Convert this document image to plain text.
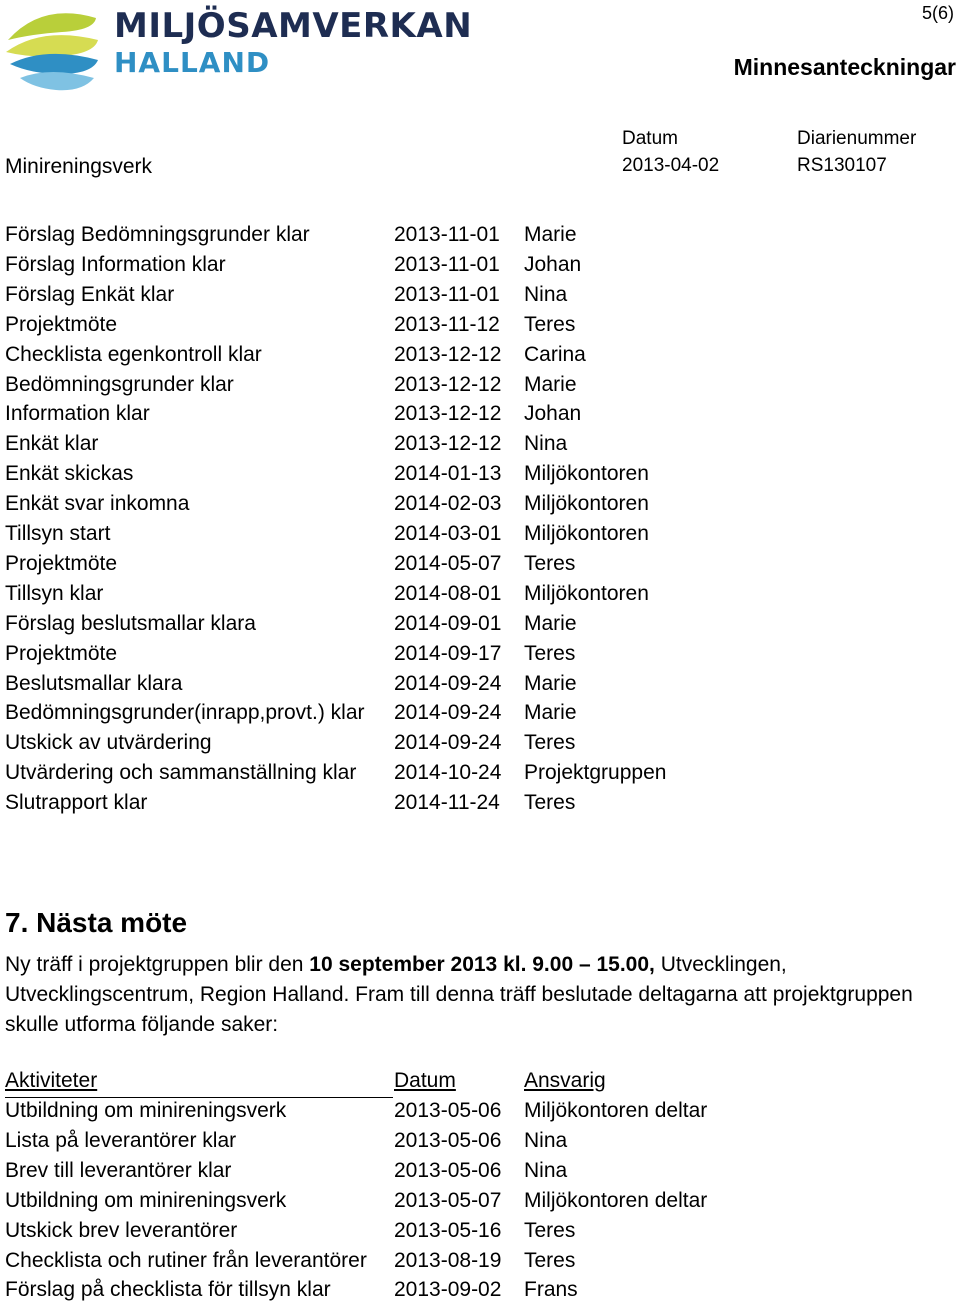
MILJÖSAMVERKAN
HALLAND
5(6)
Minnesanteckningar
Minireningsverk
Datum
2013-04-02
Diarienummer
RS130107
Förslag Bedömningsgrunder klar	2013-11-01 Marie
Förslag Information klar	2013-11-01 Johan
Förslag Enkät klar	2013-11-01 Nina
Projektmöte	2013-11-12 Teres
Checklista egenkontroll klar	2013-12-12 Carina
Bedömningsgrunder klar	2013-12-12 Marie
Information klar	2013-12-12 Johan
Enkät klar	2013-12-12 Nina
Enkät skickas	2014-01-13 Miljökontoren
Enkät svar inkomna	2014-02-03 Miljökontoren
Tillsyn start	2014-03-01 Miljökontoren
Projektmöte	2014-05-07 Teres
Tillsyn klar	2014-08-01 Miljökontoren
Förslag beslutsmallar klara	2014-09-01 Marie
Projektmöte	2014-09-17 Teres
Beslutsmallar klara	2014-09-24 Marie
Bedömningsgrunder(inrapp,provt.) klar 2014-09-24 Marie
Utskick av utvärdering	2014-09-24 Teres
Utvärdering och sammanställning klar 2014-10-24 Projektgruppen
Slutrapport klar	2014-11-24 Teres
7. Nästa möte
Ny träff i projektgruppen blir den 10 september 2013 kl. 9.00 – 15.00, Utvecklingen, Utvecklingscentrum, Region Halland. Fram till denna träff beslutade deltagarna att projektgruppen skulle utforma följande saker:
Aktiviteter	Datum	Ansvarig
Utbildning om minireningsverk	2013-05-06 Miljökontoren deltar
Lista på leverantörer klar	2013-05-06 Nina
Brev till leverantörer klar	2013-05-06 Nina
Utbildning om minireningsverk	2013-05-07 Miljökontoren deltar
Utskick brev leverantörer	2013-05-16 Teres
Checklista och rutiner från leverantörer 2013-08-19 Teres
Förslag på checklista för tillsyn klar	2013-09-02 Frans
